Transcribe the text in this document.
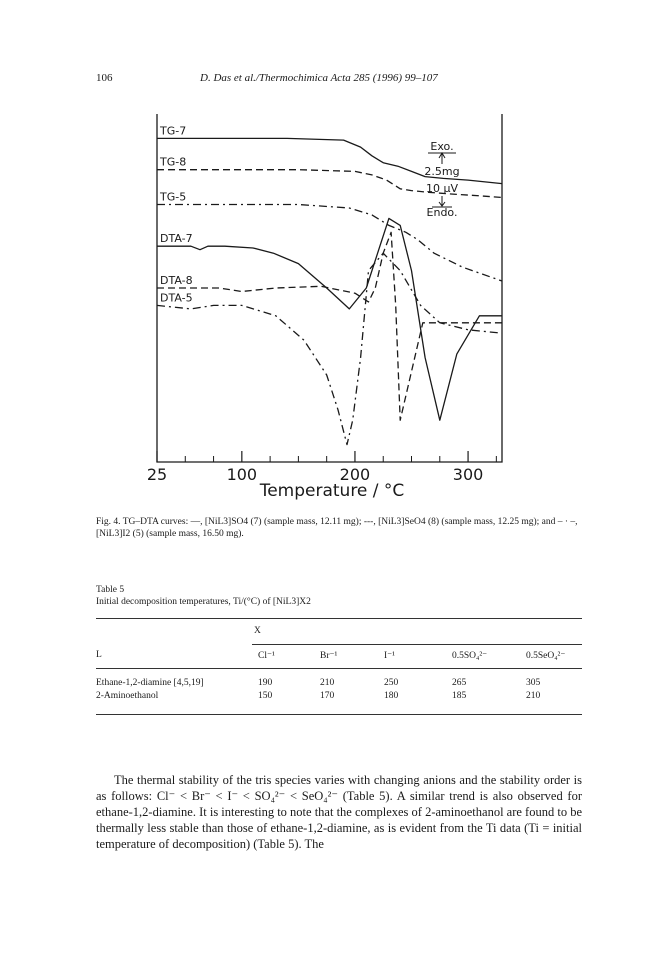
106	D. Das et al./Thermochimica Acta 285 (1996) 99–107
TG-7
TG-8
TG-5
DTA-7
DTA-8
DTA-5
Exo.
2.5mg
10 μV
Endo.
25	100	200	300
Temperature / °C
Fig. 4. TG–DTA curves: —, [NiL3]SO4 (7) (sample mass, 12.11 mg); ---, [NiL3]SeO4 (8) (sample mass, 12.25 mg); and – · –, [NiL3]I2 (5) (sample mass, 16.50 mg).
Table 5
Initial decomposition temperatures, Ti/(°C) of [NiL3]X2
X
L	Cl⁻¹	Br⁻¹	I⁻¹	0.5SO₄²⁻	0.5SeO₄²⁻
Ethane-1,2-diamine [4,5,19]	190	210	250	265	305
2-Aminoethanol	150	170	180	185	210

The thermal stability of the tris species varies with changing anions and the stability order is as follows: Cl⁻ < Br⁻ < I⁻ < SO₄²⁻ < SeO₄²⁻ (Table 5). A similar trend is also observed for ethane-1,2-diamine. It is interesting to note that the complexes of 2-aminoethanol are found to be thermally less stable than those of ethane-1,2-diamine, as is evident from the Ti data (Ti = initial temperature of decomposition) (Table 5). The
